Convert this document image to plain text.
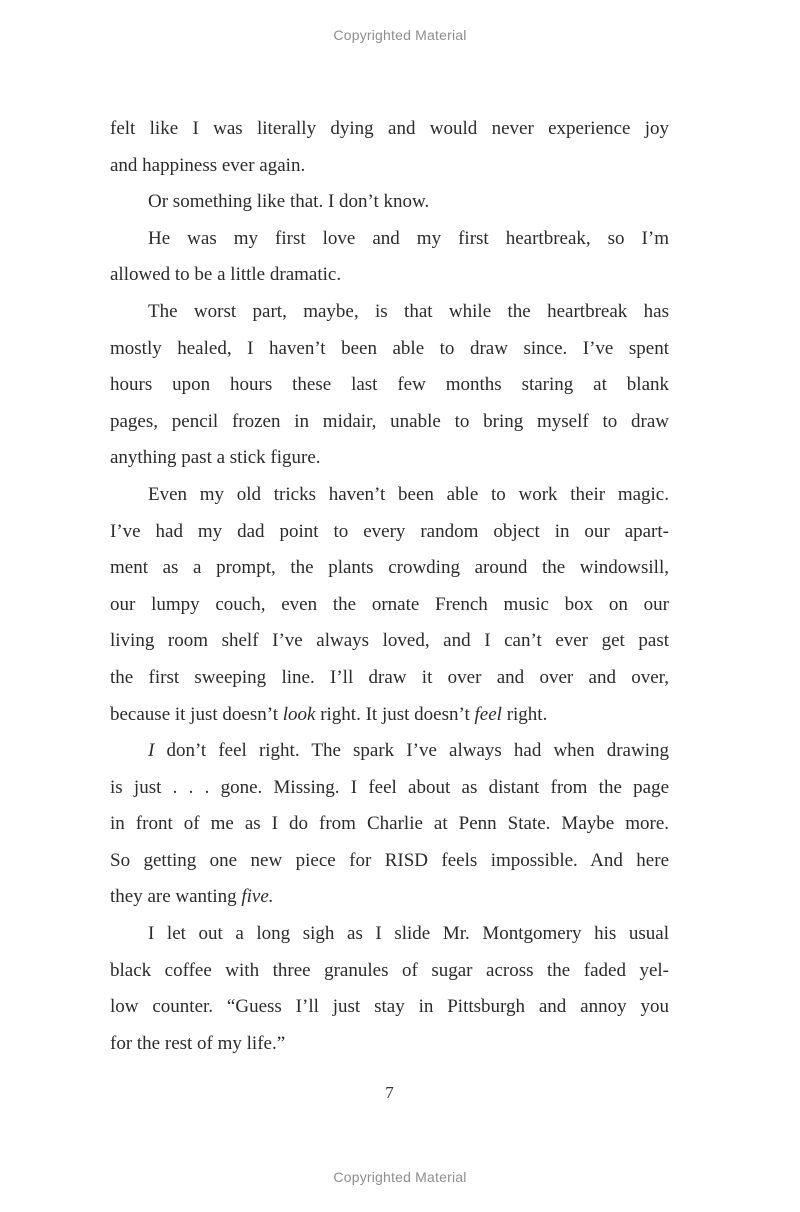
Copyrighted Material
felt like I was literally dying and would never experience joy
and happiness ever again.
Or something like that. I don’t know.
He was my first love and my first heartbreak, so I’m
allowed to be a little dramatic.
The worst part, maybe, is that while the heartbreak has
mostly healed, I haven’t been able to draw since. I’ve spent
hours upon hours these last few months staring at blank
pages, pencil frozen in midair, unable to bring myself to draw
anything past a stick figure.
Even my old tricks haven’t been able to work their magic.
I’ve had my dad point to every random object in our apart-
ment as a prompt, the plants crowding around the windowsill,
our lumpy couch, even the ornate French music box on our
living room shelf I’ve always loved, and I can’t ever get past
the first sweeping line. I’ll draw it over and over and over,
because it just doesn’t look right. It just doesn’t feel right.
I don’t feel right. The spark I’ve always had when drawing
is just . . . gone. Missing. I feel about as distant from the page
in front of me as I do from Charlie at Penn State. Maybe more.
So getting one new piece for RISD feels impossible. And here
they are wanting five.
I let out a long sigh as I slide Mr. Montgomery his usual
black coffee with three granules of sugar across the faded yel-
low counter. “Guess I’ll just stay in Pittsburgh and annoy you
for the rest of my life.”
7
Copyrighted Material
